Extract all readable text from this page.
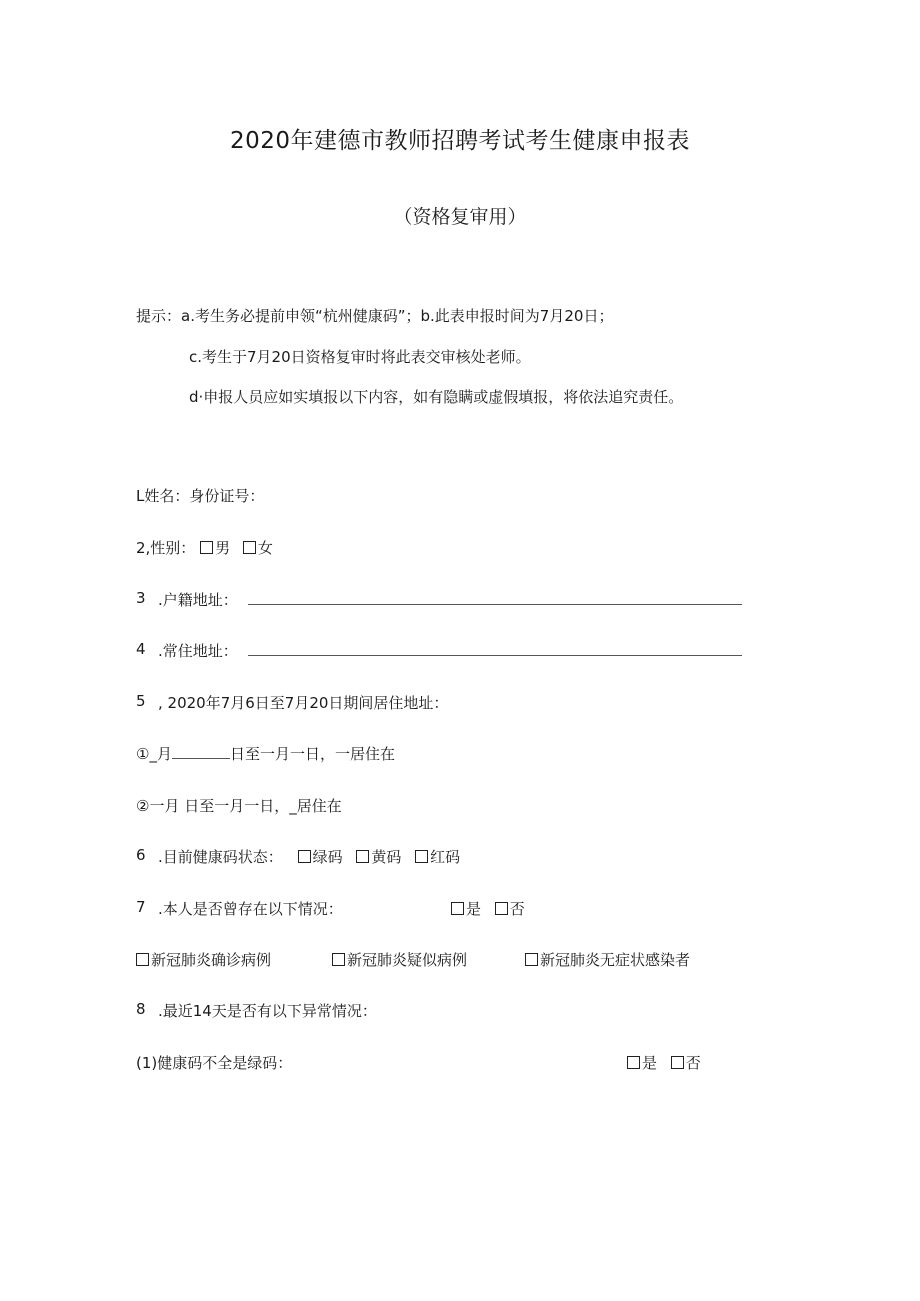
2020年建德市教师招聘考试考生健康申报表
（资格复审用）
提示：a.考生务必提前申领“杭州健康码”；b.此表申报时间为7月20日；
c.考生于7月20日资格复审时将此表交审核处老师。
d·申报人员应如实填报以下内容，如有隐瞒或虚假填报，将依法追究责任。
L姓名：身份证号：
2,性别： 男 女
3 .户籍地址：
4 .常住地址：
5 , 2020年7月6日至7月20日期间居住地址：
①_月	日至一月一日，一居住在
②一月 日至一月一日，_居住在
6 .目前健康码状态： 绿码 黄码 红码
7 .本人是否曾存在以下情况：	是 否
新冠肺炎确诊病例	新冠肺炎疑似病例	新冠肺炎无症状感染者
8 .最近14天是否有以下异常情况：
(1)健康码不全是绿码：	是 否
